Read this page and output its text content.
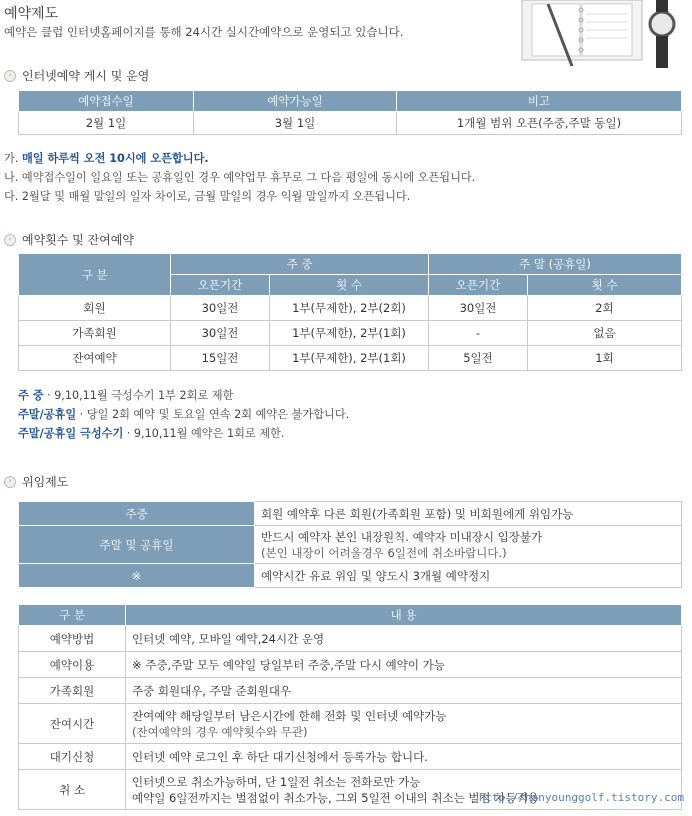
예약제도
예약은 클럽 인터넷홈페이지를 통해 24시간 실시간예약으로 운영되고 있습니다.
› 인터넷예약 게시 및 운영
예약접수일	예약가능일	비고
2월 1일	3월 1일	1개월 범위 오픈(주중,주말 동일)
가. 매일 하루씩 오전 10시에 오픈합니다.
나. 예약접수일이 일요일 또는 공휴일인 경우 예약업무 휴무로 그 다음 평일에 동시에 오픈됩니다.
다. 2월달 및 매월 말일의 일자 차이로, 금월 말일의 경우 익월 말일까지 오픈됩니다.
› 예약횟수 및 잔여예약
구 분	주 중		주 말 (공휴일)	
	오픈기간	횟 수	오픈기간	횟 수
회원	30일전	1부(무제한), 2부(2회)	30일전	2회
가족회원	30일전	1부(무제한), 2부(1회)	-	없음
잔여예약	15일전	1부(무제한), 2부(1회)	5일전	1회
주 중 · 9,10,11월 극성수기 1부 2회로 제한
주말/공휴일 · 당일 2회 예약 및 토요일 연속 2회 예약은 불가합니다.
주말/공휴일 극성수기 · 9,10,11월 예약은 1회로 제한.
› 위임제도
주중	회원 예약후 다른 회원(가족회원 포함) 및 비회원에게 위임가능
주말 및 공휴일	반드시 예약자 본인 내장원칙. 예약자 미내장시 입장불가
(본인 내장이 어려울경우 6일전에 취소바랍니다.)

※	예약시간 유료 위임 및 양도시 3개월 예약정지
구 분	내 용
예약방법	인터넷 예약, 모바일 예약,24시간 운영
예약이용	※ 주중,주말 모두 예약일 당일부터 주중,주말 다시 예약이 가능
가족회원	주중 회원대우, 주말 준회원대우
잔여시간	잔여예약 해당일부터 남은시간에 한해 전화 및 인터넷 예약가능
(잔여예약의 경우 예약횟수와 무관)

대기신청	인터넷 예약 로그인 후 하단 대기신청에서 등록가능 합니다.
취 소	인터넷으로 취소가능하며, 단 1일전 취소는 전화로만 가능
예약일 6일전까지는 벌점없이 취소가능, 그외 5일전 이내의 취소는 벌점 차등적용
http://hanyounggolf.tistory.com
